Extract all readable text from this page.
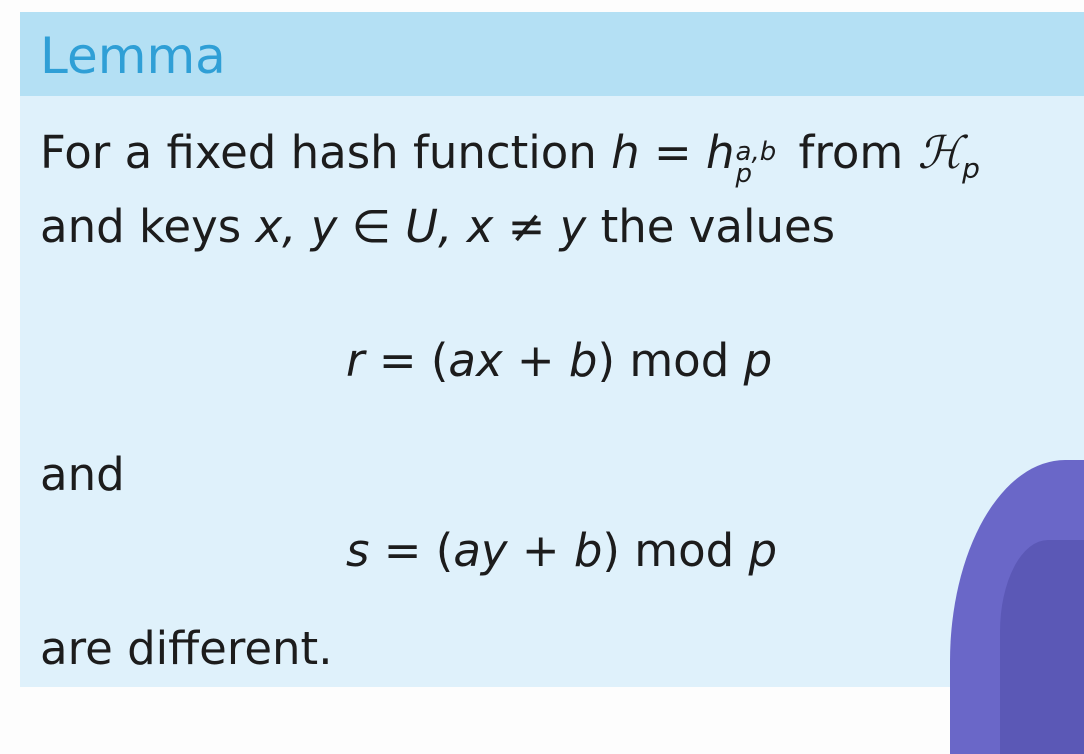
Lemma
For a fixed hash function h = h a,b
p from ℋ$_p$
and keys x, y ∈ U, x ≠ y the values
r = (ax + b) mod p
and
s = (ay + b) mod p
are different.
